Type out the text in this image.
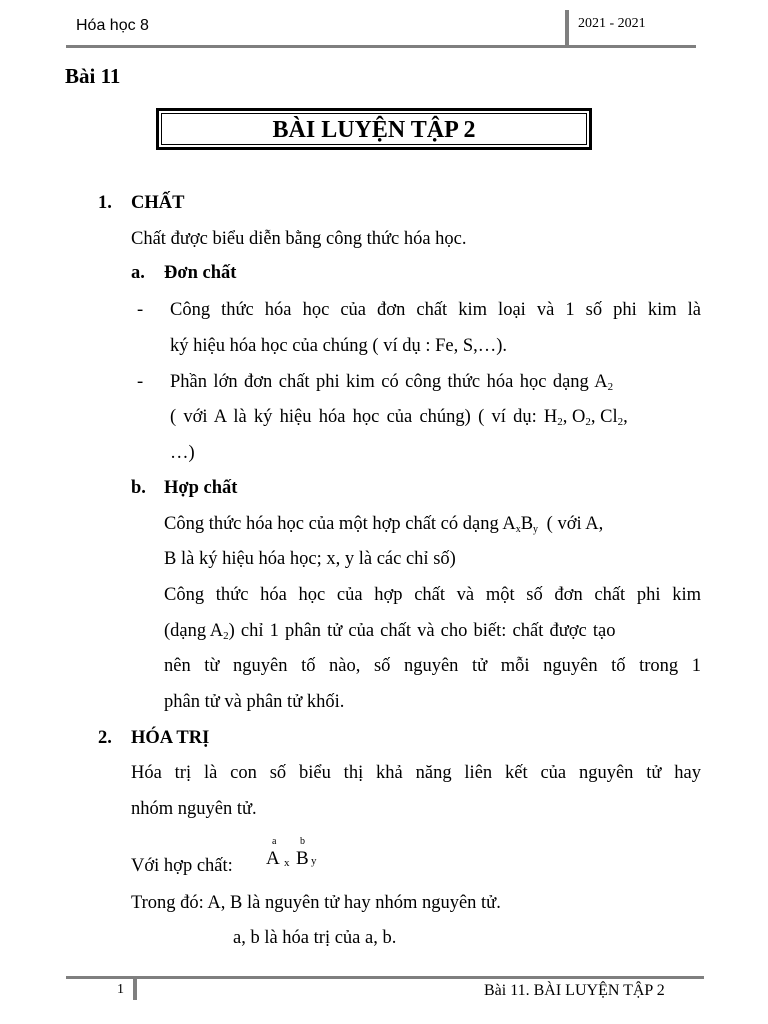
Hóa học 8	2021 - 2021
Bài 11
BÀI LUYỆN TẬP 2
1. CHẤT
Chất được biểu diễn bằng công thức hóa học.
a. Đơn chất
- Công thức hóa học của đơn chất kim loại và 1 số phi kim là
ký hiệu hóa học của chúng ( ví dụ : Fe, S,…).
- Phần lớn đơn chất phi kim có công thức hóa học dạng $A_2$
( với A là ký hiệu hóa học của chúng) ( ví dụ: $H_2$, $O_2$, $Cl_2$,
…)
b. Hợp chất
Công thức hóa học của một hợp chất có dạng AxBy ( với A,
B là ký hiệu hóa học; x, y là các chỉ số)
Công thức hóa học của hợp chất và một số đơn chất phi kim
(dạng $A_2$) chỉ 1 phân tử của chất và cho biết: chất được tạo
nên từ nguyên tố nào, số nguyên tử mỗi nguyên tố trong 1
phân tử và phân tử khối.
2. HÓA TRỊ
Hóa trị là con số biểu thị khả năng liên kết của nguyên tử hay
nhóm nguyên tử.
Với hợp chất:
a b
A x B y
Trong đó: A, B là nguyên tử hay nhóm nguyên tử.
a, b là hóa trị của a, b.
1	Bài 11. BÀI LUYỆN TẬP 2
